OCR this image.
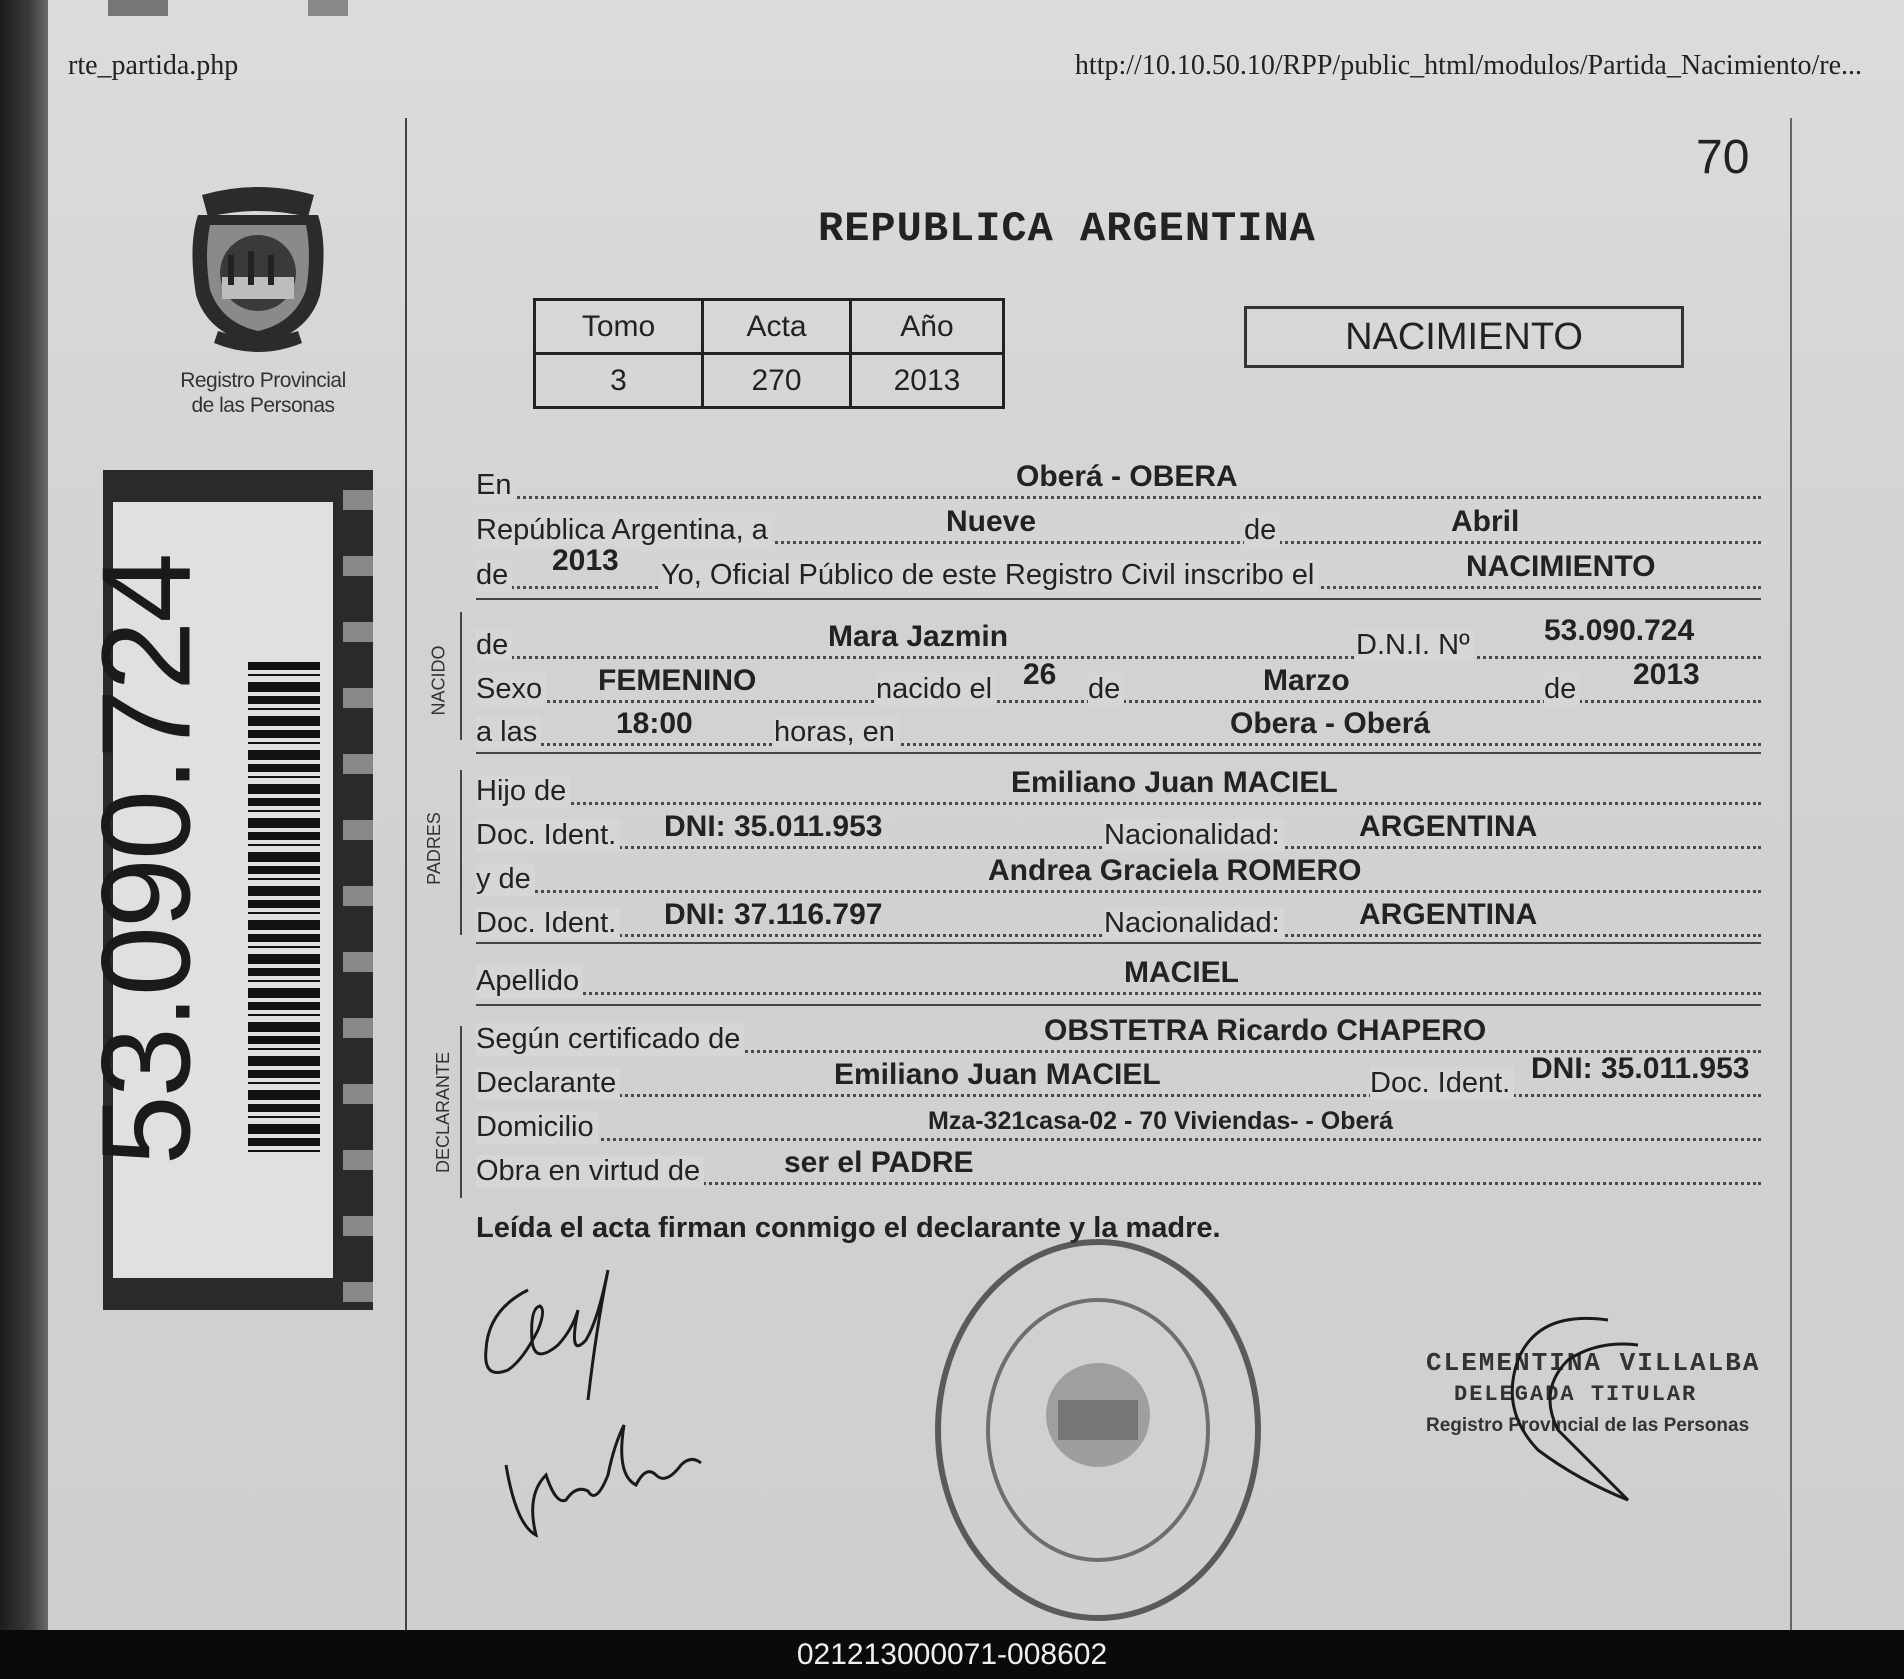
rte_partida.php	http://10.10.50.10/RPP/public_html/modulos/Partida_Nacimiento/re...
70
Registro Provincial
de las Personas
53.090.724
REPUBLICA ARGENTINA
Tomo	Acta	Año
3	270	2013
NACIMIENTO
En	Oberá - OBERA
República Argentina, a	Nueve	de	Abril
de 2013 Yo, Oficial Público de este Registro Civil inscribo el	NACIMIENTO
NACIDO
de	Mara Jazmin	D.N.I. Nº 53.090.724
Sexo FEMENINO	nacido el 26 de	Marzo	de 2013
a las	18:00	horas, en	Obera - Oberá
PADRES
Hijo de	Emiliano Juan MACIEL
Doc. Ident. DNI: 35.011.953	Nacionalidad:	ARGENTINA
y de	Andrea Graciela ROMERO
Doc. Ident. DNI: 37.116.797	Nacionalidad:	ARGENTINA
Apellido	MACIEL
DECLARANTE
Según certificado de	OBSTETRA Ricardo CHAPERO
Declarante	Emiliano Juan MACIEL	Doc. Ident. DNI: 35.011.953
Domicilio	Mza-321casa-02 - 70 Viviendas- - Oberá
Obra en virtud de	ser el PADRE
Leída el acta firman conmigo el declarante y la madre.
CLEMENTINA VILLALBA
DELEGADA TITULAR
Registro Provincial de las Personas
021213000071-008602
